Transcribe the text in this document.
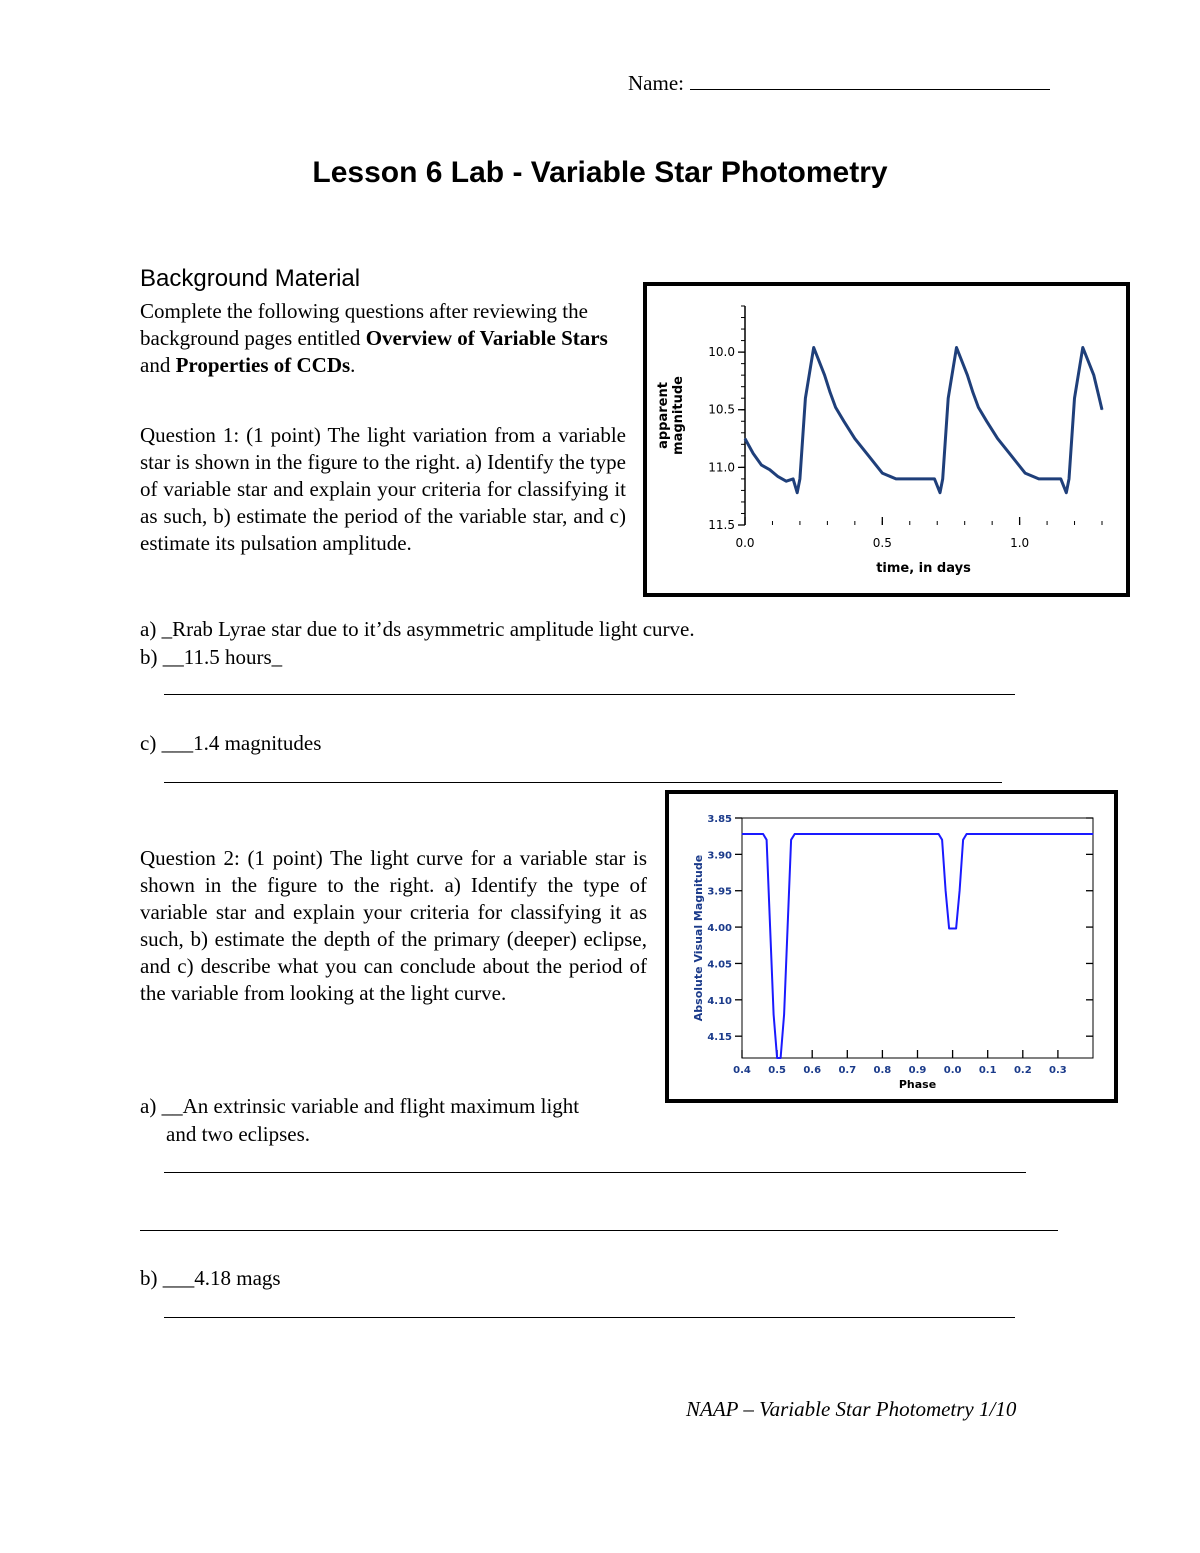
Name:
Lesson 6 Lab - Variable Star Photometry
Background Material
Complete the following questions after reviewing the background pages entitled Overview of Variable Stars and Properties of CCDs.
Question 1: (1 point) The light variation from a variable star is shown in the figure to the right. a) Identify the type of variable star and explain your criteria for classifying it as such, b) estimate the period of the variable star, and c) estimate its pulsation amplitude.
10.0
10.5
11.0
11.5
0.0	0.5	1.0
time, in days
apparent magnitude
a) _Rrab Lyrae star due to it’ds asymmetric amplitude light curve.
b) __11.5 hours_
c) ___1.4 magnitudes
3.85
3.90
3.95
4.00
4.05
4.10
4.15
0.4 0.5 0.6 0.7 0.8 0.9 0.0 0.1 0.2 0.3
Phase
Absolute Visual Magnitude
Question 2: (1 point) The light curve for a variable star is shown in the figure to the right. a) Identify the type of variable star and explain your criteria for classifying it as such, b) estimate the depth of the primary (deeper) eclipse, and c) describe what you can conclude about the period of the variable from looking at the light curve.
a) __An extrinsic variable and flight maximum light
and two eclipses.
b) ___4.18 mags
NAAP – Variable Star Photometry 1/10
